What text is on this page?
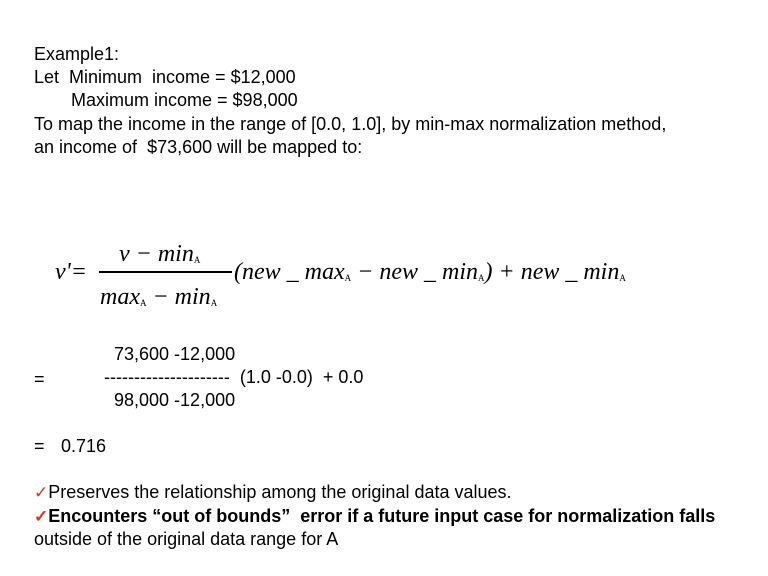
Example1:
Let  Minimum  income = $12,000
Maximum income = $98,000
To map the income in the range of [0.0, 1.0], by min-max normalization method,
an income of  $73,600 will be mapped to:
v'=
$v - \min_A$
$\max_A - \min_A$
(new _ $\max_A$ − new _ $\min_A$) + new _ $\min_A$
73,600 -12,000
=	---------------------  (1.0 -0.0)  + 0.0
98,000 -12,000
= 0.716
✓Preserves the relationship among the original data values.
✓Encounters “out of bounds”  error if a future input case for normalization falls
outside of the original data range for A
